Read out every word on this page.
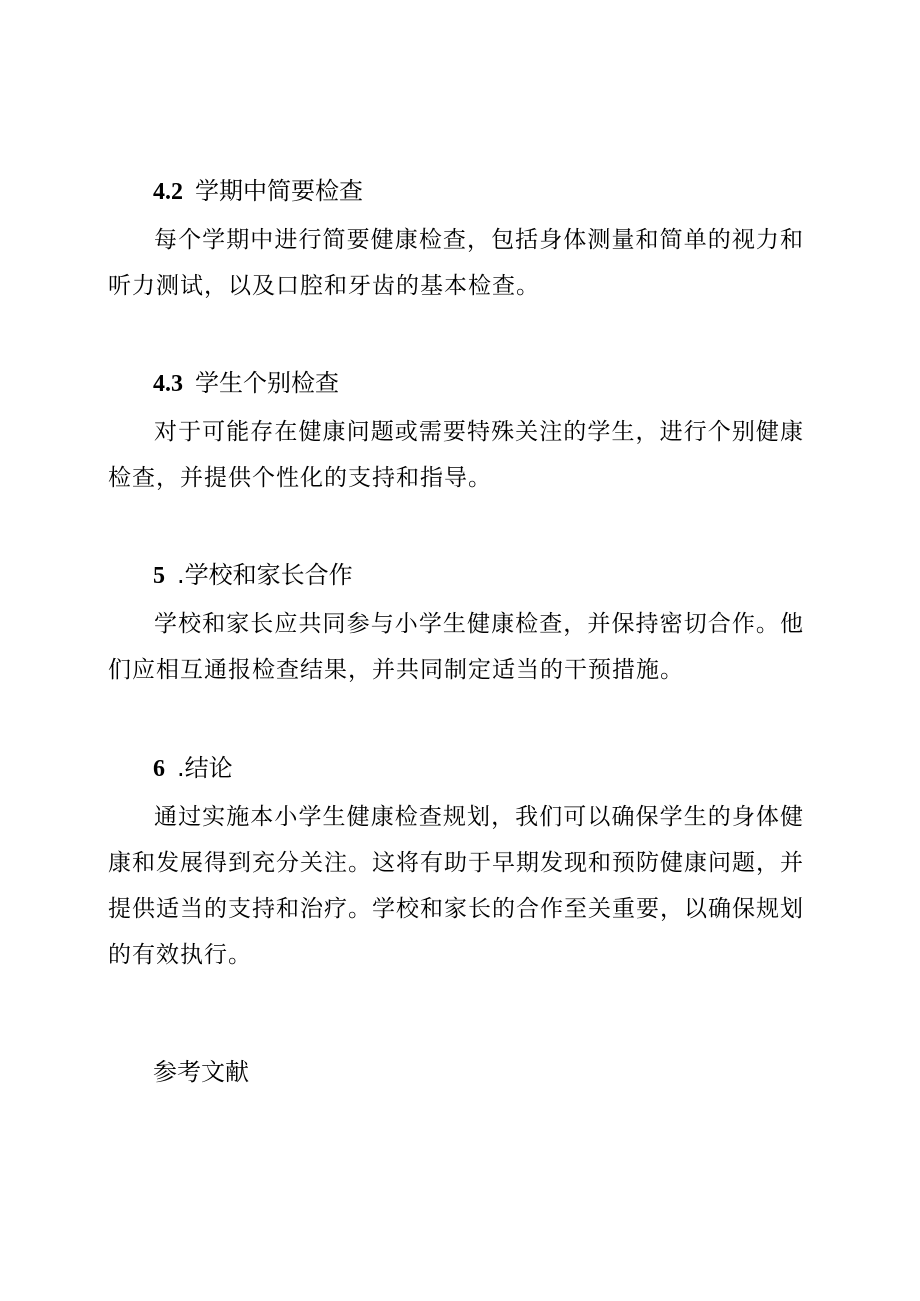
4.2 学期中简要检查
每个学期中进行简要健康检查，包括身体测量和简单的视力和听力测试，以及口腔和牙齿的基本检查。
4.3 学生个别检查
对于可能存在健康问题或需要特殊关注的学生，进行个别健康检查，并提供个性化的支持和指导。
5 .学校和家长合作
学校和家长应共同参与小学生健康检查，并保持密切合作。他们应相互通报检查结果，并共同制定适当的干预措施。
6 .结论
通过实施本小学生健康检查规划，我们可以确保学生的身体健康和发展得到充分关注。这将有助于早期发现和预防健康问题，并提供适当的支持和治疗。学校和家长的合作至关重要，以确保规划的有效执行。
参考文献
